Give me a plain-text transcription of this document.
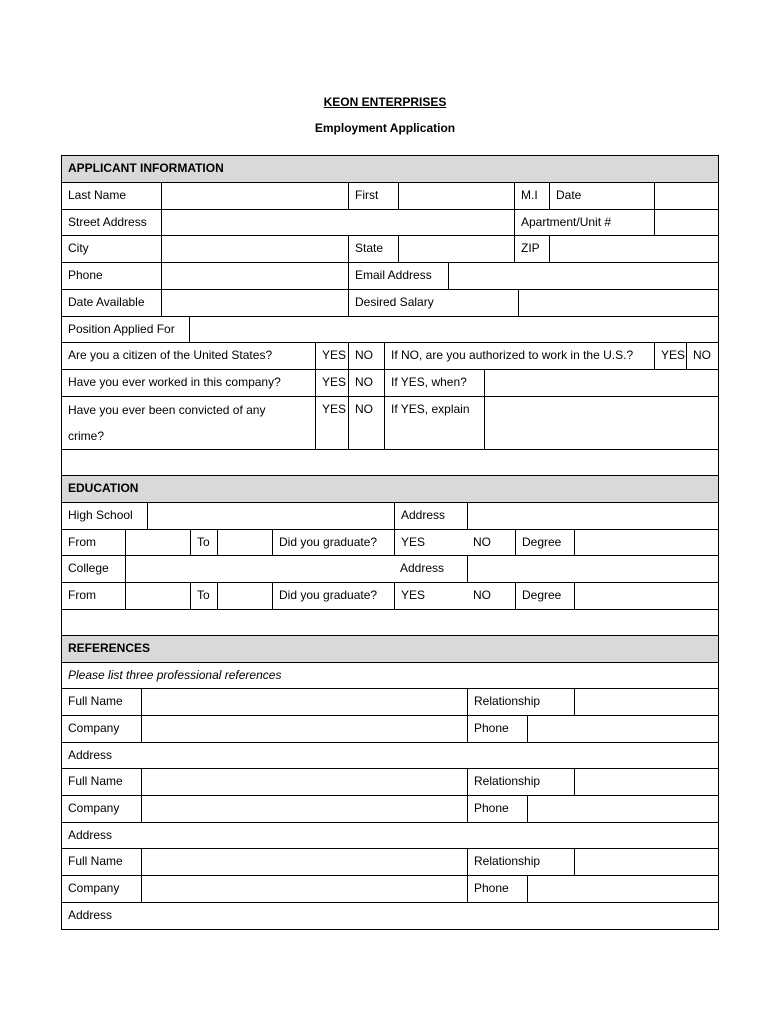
KEON ENTERPRISES
Employment Application
APPLICANT INFORMATION
Last Name	First	M.I	Date
Street Address	Apartment/Unit #
City	State	ZIP
Phone	Email Address
Date Available	Desired Salary
Position Applied For
Are you a citizen of the United States?	YES NO	If NO, are you authorized to work in the U.S.?	YES NO
Have you ever worked in this company?	YES NO	If YES, when?
Have you ever been convicted of any
crime?
YES NO	If YES, explain
EDUCATION
High School	Address
From	To	Did you graduate?	YES	NO	Degree
College	Address
From	To	Did you graduate?	YES	NO	Degree
REFERENCES
Please list three professional references
Full Name	Relationship
Company	Phone
Address
Full Name	Relationship
Company	Phone
Address
Full Name	Relationship
Company	Phone
Address
